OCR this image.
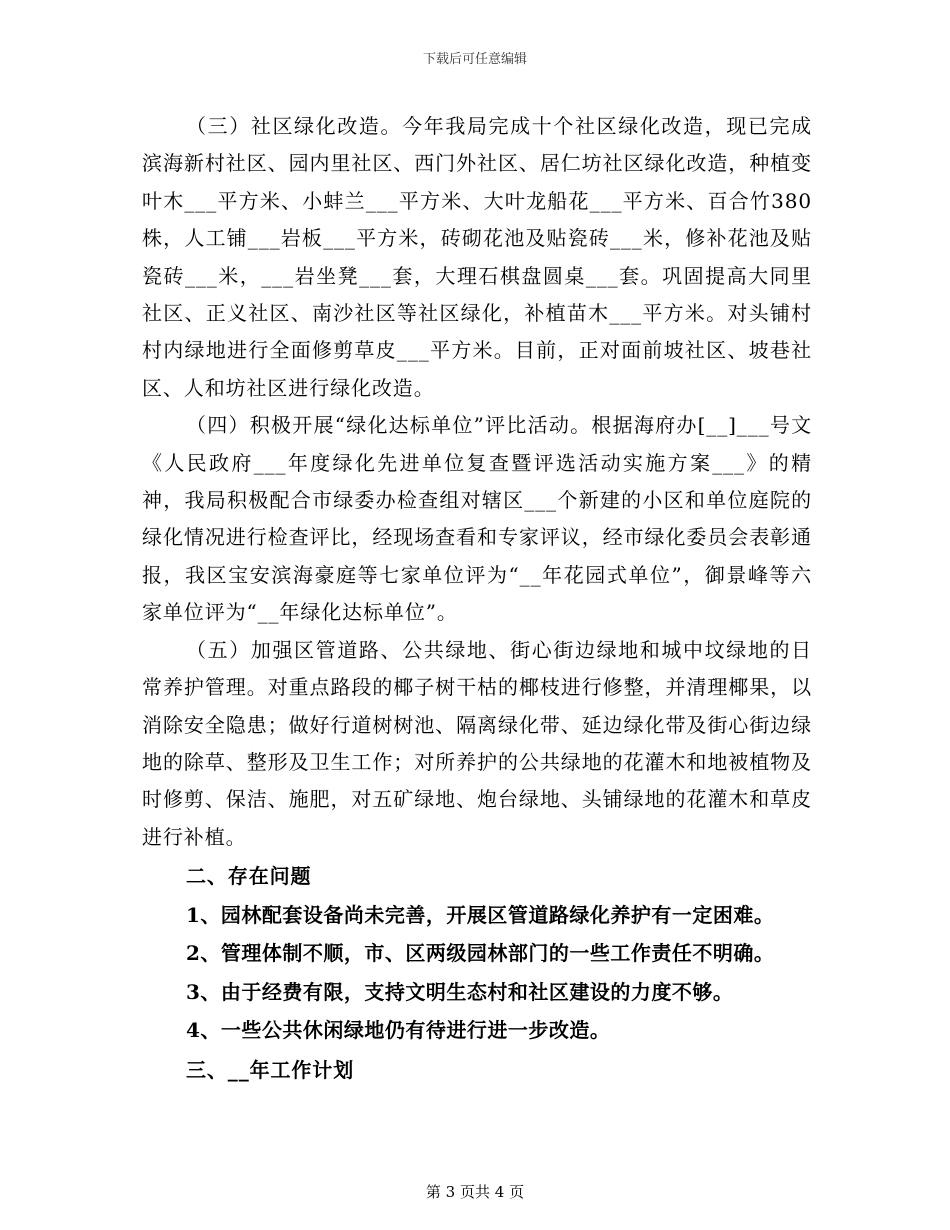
下载后可任意编辑

（三）社区绿化改造。今年我局完成十个社区绿化改造，现已完成滨海新村社区、园内里社区、西门外社区、居仁坊社区绿化改造，种植变叶木___平方米、小蚌兰___平方米、大叶龙船花___平方米、百合竹380株，人工铺___岩板___平方米，砖砌花池及贴瓷砖___米，修补花池及贴瓷砖___米，___岩坐凳___套，大理石棋盘圆桌___套。巩固提高大同里社区、正义社区、南沙社区等社区绿化，补植苗木___平方米。对头铺村村内绿地进行全面修剪草皮___平方米。目前，正对面前坡社区、坡巷社区、人和坊社区进行绿化改造。

（四）积极开展“绿化达标单位”评比活动。根据海府办[__]___号文《人民政府___年度绿化先进单位复查暨评选活动实施方案___》的精神，我局积极配合市绿委办检查组对辖区___个新建的小区和单位庭院的绿化情况进行检查评比，经现场查看和专家评议，经市绿化委员会表彰通报，我区宝安滨海豪庭等七家单位评为“__年花园式单位”，御景峰等六家单位评为“__年绿化达标单位”。

（五）加强区管道路、公共绿地、街心街边绿地和城中坟绿地的日常养护管理。对重点路段的椰子树干枯的椰枝进行修整，并清理椰果，以消除安全隐患；做好行道树树池、隔离绿化带、延边绿化带及街心街边绿地的除草、整形及卫生工作；对所养护的公共绿地的花灌木和地被植物及时修剪、保洁、施肥，对五矿绿地、炮台绿地、头铺绿地的花灌木和草皮进行补植。

二、存在问题

1、园林配套设备尚未完善，开展区管道路绿化养护有一定困难。

2、管理体制不顺，市、区两级园林部门的一些工作责任不明确。

3、由于经费有限，支持文明生态村和社区建设的力度不够。

4、一些公共休闲绿地仍有待进行进一步改造。

三、__年工作计划

第 3 页共 4 页
